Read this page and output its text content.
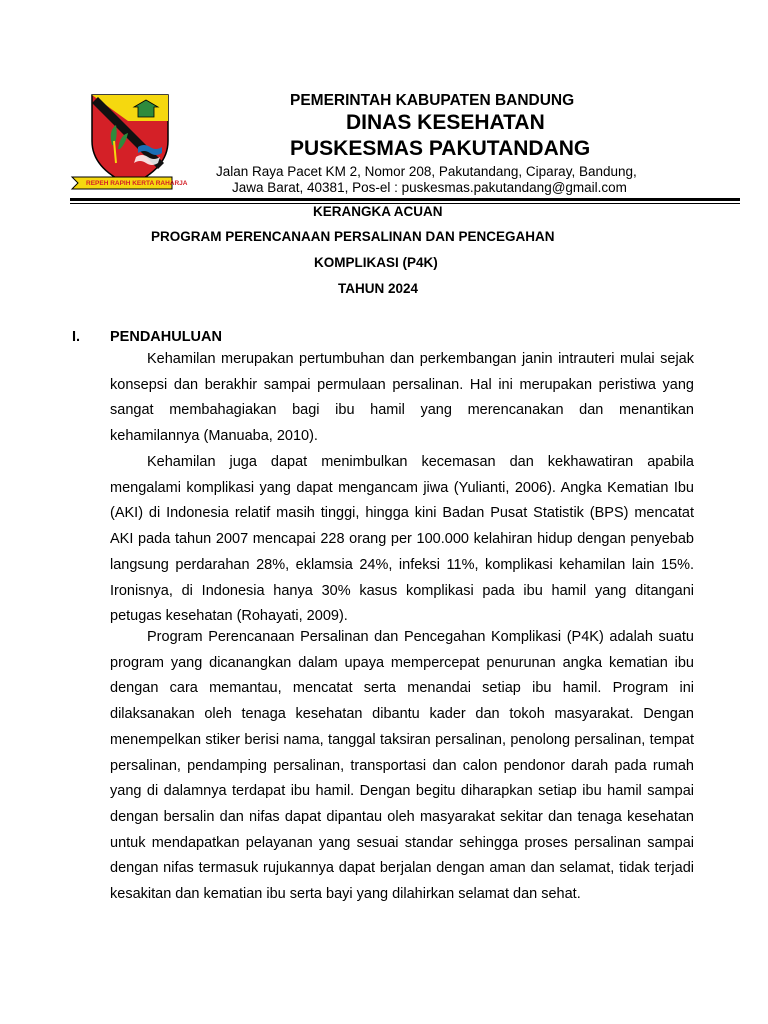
REPEH RAPIH KERTA RAHARJA
PEMERINTAH KABUPATEN BANDUNG
DINAS KESEHATAN
PUSKESMAS PAKUTANDANG
Jalan Raya Pacet KM 2, Nomor 208, Pakutandang, Ciparay, Bandung,
Jawa Barat, 40381, Pos-el : puskesmas.pakutandang@gmail.com
KERANGKA ACUAN
PROGRAM PERENCANAAN PERSALINAN DAN PENCEGAHAN
KOMPLIKASI (P4K)
TAHUN 2024
I. PENDAHULUAN

Kehamilan merupakan pertumbuhan dan perkembangan janin intrauteri mulai sejak konsepsi dan berakhir sampai permulaan persalinan. Hal ini merupakan peristiwa yang sangat membahagiakan bagi ibu hamil yang merencanakan dan menantikan kehamilannya (Manuaba, 2010).

Kehamilan juga dapat menimbulkan kecemasan dan kekhawatiran apabila mengalami komplikasi yang dapat mengancam jiwa (Yulianti, 2006). Angka Kematian Ibu (AKI) di Indonesia relatif masih tinggi, hingga kini Badan Pusat Statistik (BPS) mencatat AKI pada tahun 2007 mencapai 228 orang per 100.000 kelahiran hidup dengan penyebab langsung perdarahan 28%, eklamsia 24%, infeksi 11%, komplikasi kehamilan lain 15%. Ironisnya, di Indonesia hanya 30% kasus komplikasi pada ibu hamil yang ditangani petugas kesehatan (Rohayati, 2009).

Program Perencanaan Persalinan dan Pencegahan Komplikasi (P4K) adalah suatu program yang dicanangkan dalam upaya mempercepat penurunan angka kematian ibu dengan cara memantau, mencatat serta menandai setiap ibu hamil. Program ini dilaksanakan oleh tenaga kesehatan dibantu kader dan tokoh masyarakat. Dengan menempelkan stiker berisi nama, tanggal taksiran persalinan, penolong persalinan, tempat persalinan, pendamping persalinan, transportasi dan calon pendonor darah pada rumah yang di dalamnya terdapat ibu hamil. Dengan begitu diharapkan setiap ibu hamil sampai dengan bersalin dan nifas dapat dipantau oleh masyarakat sekitar dan tenaga kesehatan untuk mendapatkan pelayanan yang sesuai standar sehingga proses persalinan sampai dengan nifas termasuk rujukannya dapat berjalan dengan aman dan selamat, tidak terjadi kesakitan dan kematian ibu serta bayi yang dilahirkan selamat dan sehat.
